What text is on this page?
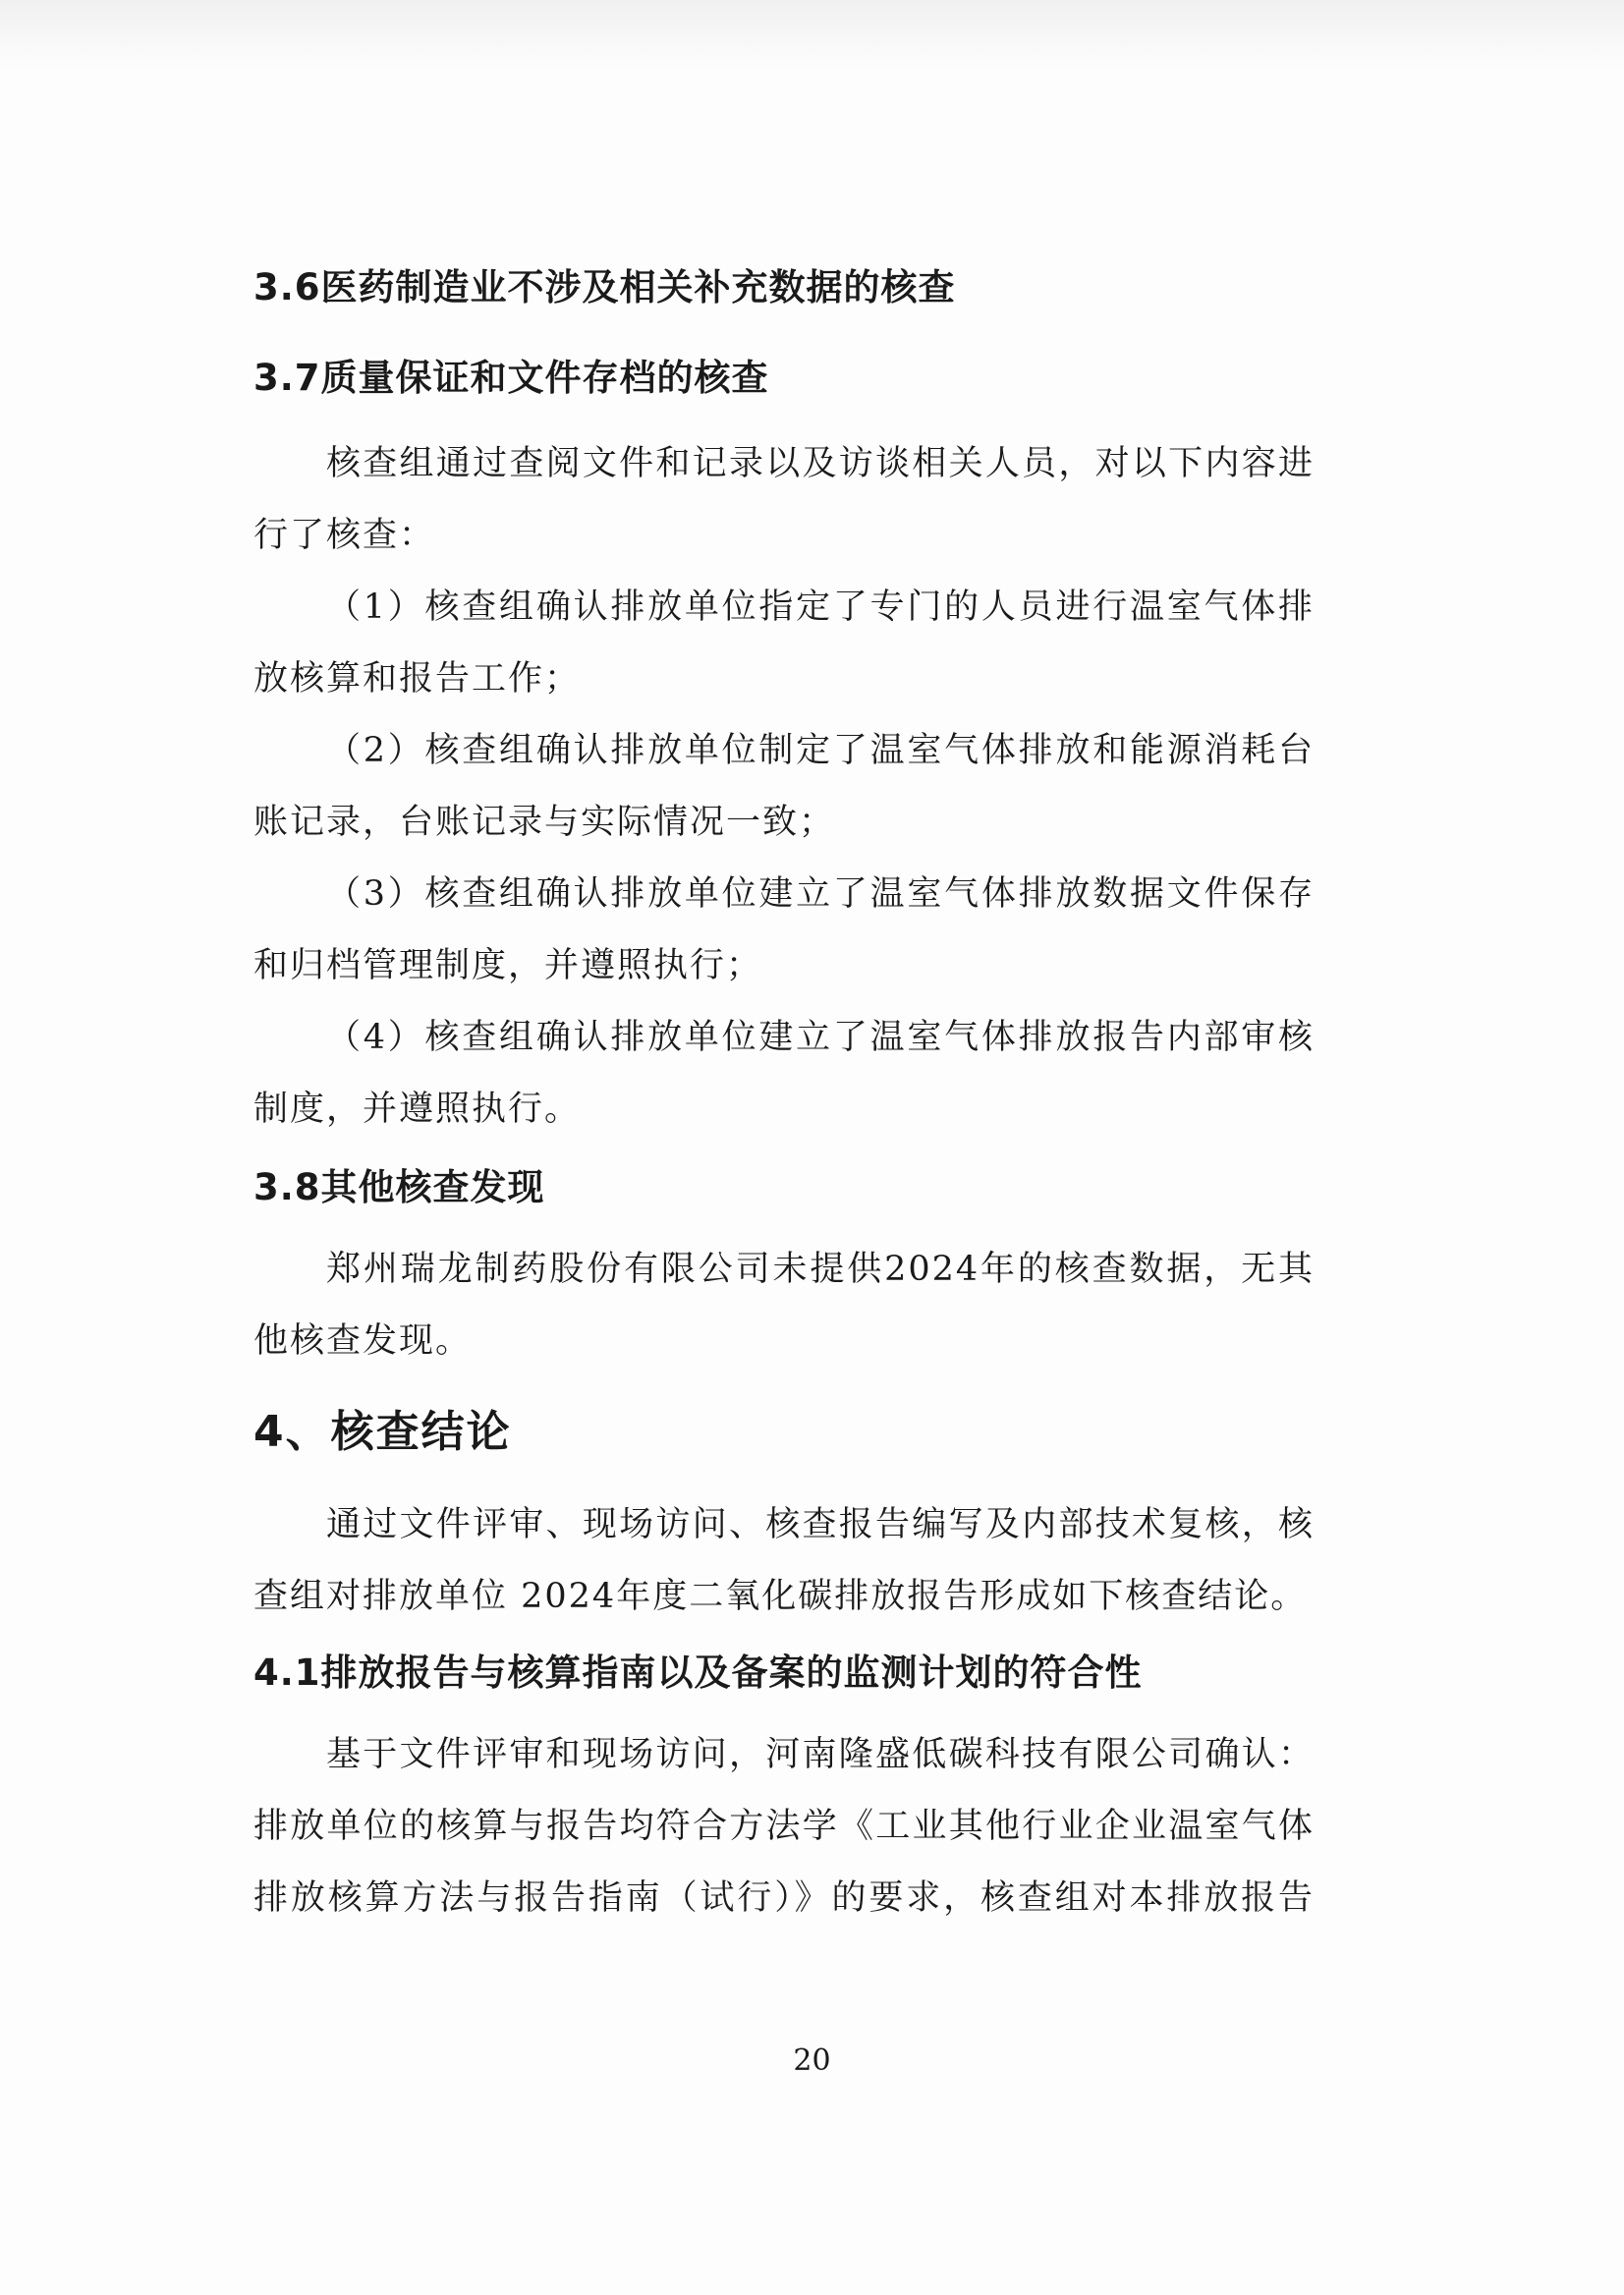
3.6医药制造业不涉及相关补充数据的核查
3.7质量保证和文件存档的核查

核查组通过查阅文件和记录以及访谈相关人员，对以下内容进行了核查：

（1）核查组确认排放单位指定了专门的人员进行温室气体排放核算和报告工作；

（2）核查组确认排放单位制定了温室气体排放和能源消耗台账记录，台账记录与实际情况一致；

（3）核查组确认排放单位建立了温室气体排放数据文件保存和归档管理制度，并遵照执行；

（4）核查组确认排放单位建立了温室气体排放报告内部审核制度，并遵照执行。

3.8其他核查发现

郑州瑞龙制药股份有限公司未提供2024年的核查数据，无其他核查发现。

4、核查结论

通过文件评审、现场访问、核查报告编写及内部技术复核，核查组对排放单位 2024年度二氧化碳排放报告形成如下核查结论。

4.1排放报告与核算指南以及备案的监测计划的符合性

基于文件评审和现场访问，河南隆盛低碳科技有限公司确认：排放单位的核算与报告均符合方法学《工业其他行业企业温室气体排放核算方法与报告指南（试行）》的要求，核查组对本排放报告

20
